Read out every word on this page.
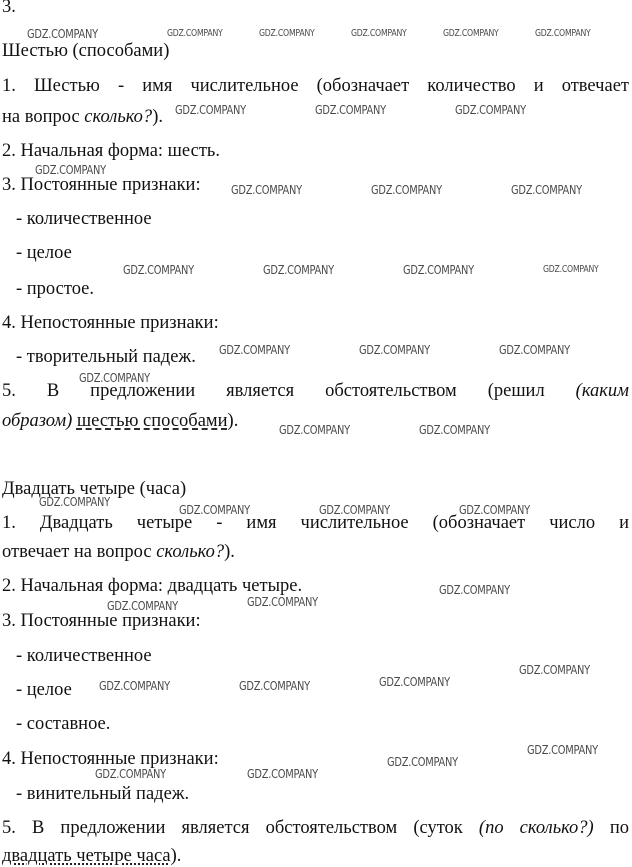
3.

Шестью (способами)

1. Шестью - имя числительное (обозначает количество и отвечает

на вопрос сколько?).

2. Начальная форма: шесть.

3. Постоянные признаки:

- количественное

- целое

- простое.

4. Непостоянные признаки:

- творительный падеж.

5. В предложении является обстоятельством (решил (каким

образом) шестью способами).

Двадцать четыре (часа)

1. Двадцать четыре - имя числительное (обозначает число и

отвечает на вопрос сколько?).

2. Начальная форма: двадцать четыре.

3. Постоянные признаки:

- количественное

- целое

- составное.

4. Непостоянные признаки:

- винительный падеж.

5. В предложении является обстоятельством (суток (по сколько?) по

двадцать четыре часа).

GDZ.COMPANY	GDZ.COMPANY	GDZ.COMPANY	GDZ.COMPANY	GDZ.COMPANY	GDZ.COMPANY
GDZ.COMPANY	GDZ.COMPANY	GDZ.COMPANY
GDZ.COMPANY
GDZ.COMPANY	GDZ.COMPANY	GDZ.COMPANY
GDZ.COMPANY	GDZ.COMPANY	GDZ.COMPANY	GDZ.COMPANY
GDZ.COMPANY	GDZ.COMPANY	GDZ.COMPANY
GDZ.COMPANY
GDZ.COMPANY	GDZ.COMPANY
GDZ.COMPANY
GDZ.COMPANY	GDZ.COMPANY	GDZ.COMPANY
GDZ.COMPANY
GDZ.COMPANY
GDZ.COMPANY
GDZ.COMPANY
GDZ.COMPANY
GDZ.COMPANY	GDZ.COMPANY
GDZ.COMPANY
GDZ.COMPANY
GDZ.COMPANY	GDZ.COMPANY
